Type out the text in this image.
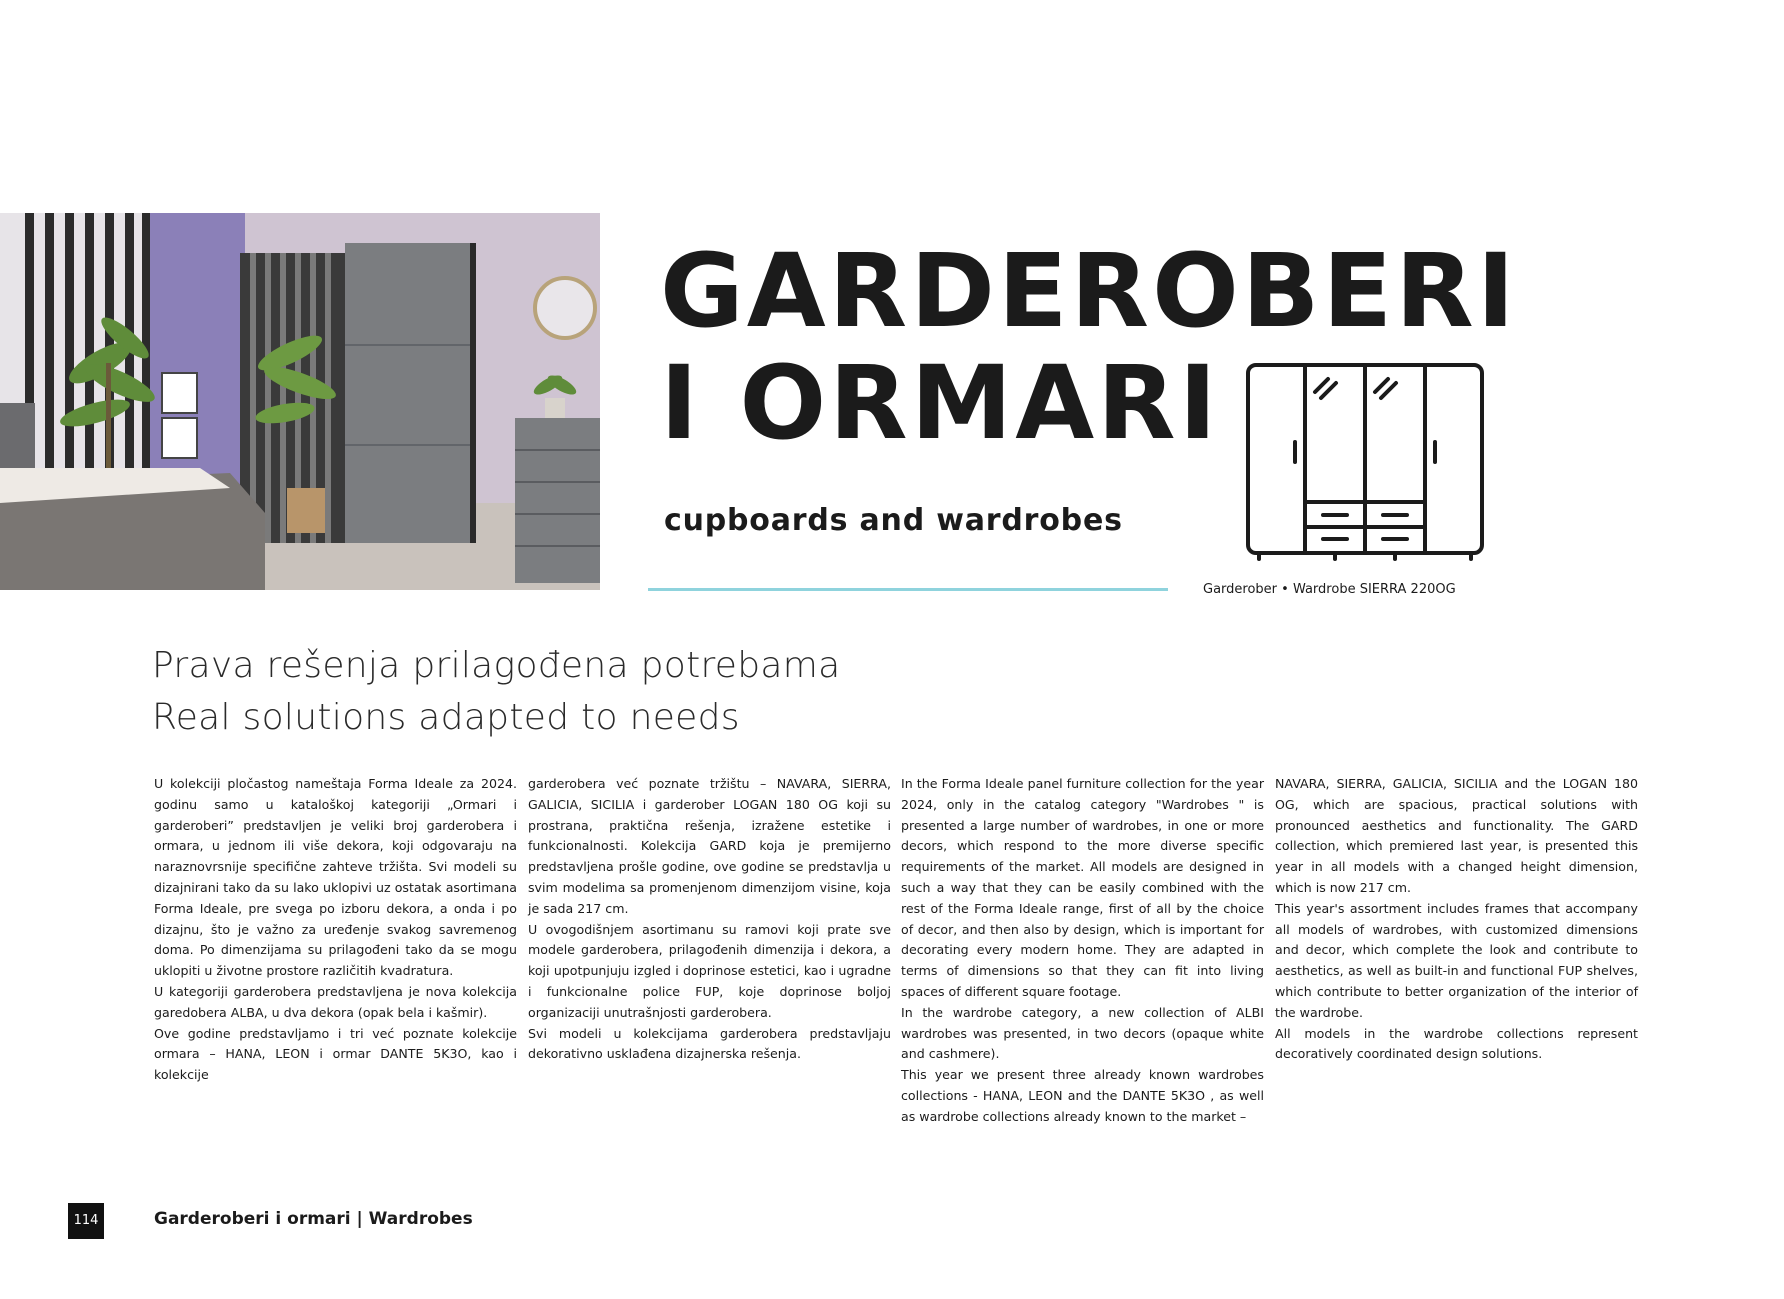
GARDEROBERI
I ORMARI
cupboards and wardrobes
Garderober • Wardrobe SIERRA 220OG
Prava rešenja prilagođena potrebama
Real solutions adapted to needs

U kolekciji pločastog nameštaja Forma Ideale za 2024. godinu samo u kataloškoj kategoriji „Ormari i garderoberi” predstavljen je veliki broj garderobera i ormara, u jednom ili više dekora, koji odgovaraju na naraznovrsnije specifične zahteve tržišta. Svi modeli su dizajnirani tako da su lako uklopivi uz ostatak asortimana Forma Ideale, pre svega po izboru dekora, a onda i po dizajnu, što je važno za uređenje svakog savremenog doma. Po dimenzijama su prilagođeni tako da se mogu uklopiti u životne prostore različitih kvadratura.

U kategoriji garderobera predstavljena je nova kolekcija garedobera ALBA, u dva dekora (opak bela i kašmir).

Ove godine predstavljamo i tri već poznate kolekcije ormara – HANA, LEON i ormar DANTE 5K3O, kao i kolekcije

garderobera već poznate tržištu – NAVARA, SIERRA, GALICIA, SICILIA i garderober LOGAN 180 OG koji su prostrana, praktična rešenja, izražene estetike i funkcionalnosti. Kolekcija GARD koja je premijerno predstavljena prošle godine, ove godine se predstavlja u svim modelima sa promenjenom dimenzijom visine, koja je sada 217 cm.

U ovogodišnjem asortimanu su ramovi koji prate sve modele garderobera, prilagođenih dimenzija i dekora, a koji upotpunjuju izgled i doprinose estetici, kao i ugradne i funkcionalne police FUP, koje doprinose boljoj organizaciji unutrašnjosti garderobera.

Svi modeli u kolekcijama garderobera predstavljaju dekorativno usklađena dizajnerska rešenja.

In the Forma Ideale panel furniture collection for the year 2024, only in the catalog category "Wardrobes " is presented a large number of wardrobes, in one or more decors, which respond to the more diverse specific requirements of the market. All models are designed in such a way that they can be easily combined with the rest of the Forma Ideale range, first of all by the choice of decor, and then also by design, which is important for decorating every modern home. They are adapted in terms of dimensions so that they can fit into living spaces of different square footage.

In the wardrobe category, a new collection of ALBI wardrobes was presented, in two decors (opaque white and cashmere).

This year we present three already known wardrobes collections - HANA, LEON and the DANTE 5K3O , as well as wardrobe collections already known to the market –

NAVARA, SIERRA, GALICIA, SICILIA and the LOGAN 180 OG, which are spacious, practical solutions with pronounced aesthetics and functionality. The GARD collection, which premiered last year, is presented this year in all models with a changed height dimension, which is now 217 cm.

This year's assortment includes frames that accompany all models of wardrobes, with customized dimensions and decor, which complete the look and contribute to aesthetics, as well as built-in and functional FUP shelves, which contribute to better organization of the interior of the wardrobe.

All models in the wardrobe collections represent decoratively coordinated design solutions.

114	Garderoberi i ormari | Wardrobes
